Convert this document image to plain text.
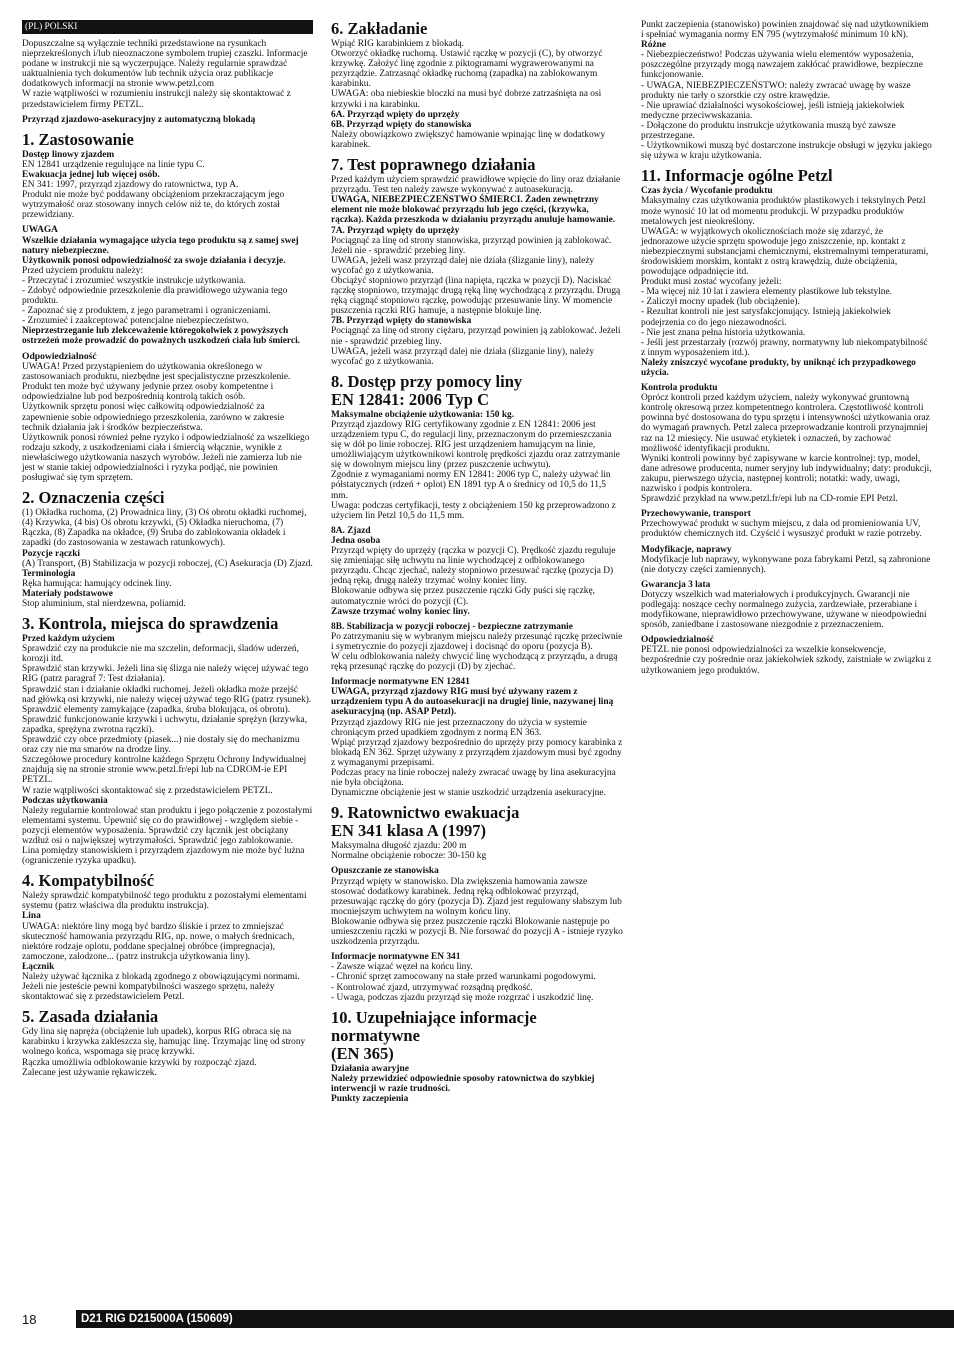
(PL) POLSKI

Dopuszczalne są wyłącznie techniki przedstawione na rysunkach nieprzekreślonych i/lub nieoznaczone symbolem trupiej czaszki. Informacje podane w instrukcji nie są wyczerpujące. Należy regularnie sprawdzać uaktualnienia tych dokumentów lub technik użycia oraz publikacje dodatkowych informacji na stronie www.petzl.com
W razie wątpliwości w rozumieniu instrukcji należy się skontaktować z przedstawicielem firmy PETZL.

Przyrząd zjazdowo-asekuracyjny z automatyczną blokadą

1. Zastosowanie

Dostęp linowy zjazdem

EN 12841 urządzenie regulujące na linie typu C.

Ewakuacja jednej lub więcej osób.

EN 341: 1997, przyrząd zjazdowy do ratownictwa, typ A.
Produkt nie może być poddawany obciążeniom przekraczającym jego wytrzymałość oraz stosowany innych celów niż te, do których został przewidziany.

UWAGA

Wszelkie działania wymagające użycia tego produktu są z samej swej natury niebezpieczne.
Użytkownik ponosi odpowiedzialność za swoje działania i decyzje.

Przed użyciem produktu należy:
- Przeczytać i zrozumieć wszystkie instrukcje użytkowania.
- Zdobyć odpowiednie przeszkolenie dla prawidłowego używania tego produktu.
- Zapoznać się z produktem, z jego parametrami i ograniczeniami.
- Zrozumieć i zaakceptować potencjalne niebezpieczeństwo.

Nieprzestrzeganie lub zlekceważenie któregokolwiek z powyższych ostrzeżeń może prowadzić do poważnych uszkodzeń ciała lub śmierci.

Odpowiedzialność

UWAGA! Przed przystąpieniem do użytkowania określonego w zastosowaniach produktu, niezbędne jest specjalistyczne przeszkolenie.
Produkt ten może być używany jedynie przez osoby kompetentne i odpowiedzialne lub pod bezpośrednią kontrolą takich osób.
Użytkownik sprzętu ponosi więc całkowitą odpowiedzialność za zapewnienie sobie odpowiedniego przeszkolenia, zarówno w zakresie technik działania jak i środków bezpieczeństwa.
Użytkownik ponosi również pełne ryzyko i odpowiedzialność za wszelkiego rodzaju szkody, z uszkodzeniami ciała i śmiercią włącznie, wynikłe z niewłaściwego użytkowania naszych wyrobów. Jeżeli nie zamierza lub nie jest w stanie takiej odpowiedzialności i ryzyka podjąć, nie powinien posługiwać się tym sprzętem.

2. Oznaczenia części

(1) Okładka ruchoma, (2) Prowadnica liny, (3) Oś obrotu okładki ruchomej, (4) Krzywka, (4 bis) Oś obrotu krzywki, (5) Okładka nieruchoma, (7) Rączka, (8) Zapadka na okładce, (9) Śruba do zablokowania okładek i zapadki (do zastosowania w zestawach ratunkowych).

Pozycje rączki

(A) Transport, (B) Stabilizacja w pozycji roboczej, (C) Asekuracja (D) Zjazd.

Terminologia

Ręka hamująca: hamujący odcinek liny.

Materiały podstawowe

Stop aluminium, stal nierdzewna, poliamid.

3. Kontrola, miejsca do sprawdzenia

Przed każdym użyciem

Sprawdzić czy na produkcie nie ma szczelin, deformacji, śladów uderzeń, korozji itd.
Sprawdzić stan krzywki. Jeżeli lina się ślizga nie należy więcej używać tego RIG (patrz paragraf 7: Test działania).
Sprawdzić stan i działanie okładki ruchomej. Jeżeli okładka może przejść nad główką osi krzywki, nie należy więcej używać tego RIG (patrz rysunek).
Sprawdzić elementy zamykające (zapadka, śruba blokująca, oś obrotu).
Sprawdzić funkcjonowanie krzywki i uchwytu, działanie sprężyn (krzywka, zapadka, sprężyna zwrotna rączki).
Sprawdzić czy obce przedmioty (piasek...) nie dostały się do mechanizmu oraz czy nie ma smarów na drodze liny.
Szczegółowe procedury kontrolne każdego Sprzętu Ochrony Indywidualnej znajdują się na stronie stronie www.petzl.fr/epi lub na CDROM-ie EPI PETZL.
W razie wątpliwości skontaktować się z przedstawicielem PETZL.

Podczas użytkowania

Należy regularnie kontrolować stan produktu i jego połączenie z pozostałymi elementami systemu. Upewnić się co do prawidłowej - względem siebie - pozycji elementów wyposażenia. Sprawdzić czy łącznik jest obciążany wzdłuż osi o największej wytrzymałości. Sprawdzić jego zablokowanie.
Lina pomiędzy stanowiskiem i przyrządem zjazdowym nie może być luźna (ograniczenie ryzyka upadku).

4. Kompatybilność

Należy sprawdzić kompatybilność tego produktu z pozostałymi elementami systemu (patrz właściwa dla produktu instrukcja).

Lina

UWAGA: niektóre liny mogą być bardzo śliskie i przez to zmniejszać skuteczność hamowania przyrządu RIG, np. nowe, o małych średnicach, niektóre rodzaje oplotu, poddane specjalnej obróbce (impregnacja), zamoczone, zalodzone... (patrz instrukcja użytkowania liny).

Łącznik

Należy używać łącznika z blokadą zgodnego z obowiązującymi normami.
Jeżeli nie jesteście pewni kompatybilności waszego sprzętu, należy skontaktować się z przedstawicielem Petzl.

5. Zasada działania

Gdy lina się napręża (obciążenie lub upadek), korpus RIG obraca się na karabinku i krzywka zakleszcza się, hamując linę. Trzymając linę od strony wolnego końca, wspomaga się pracę krzywki.
Rączka umożliwia odblokowanie krzywki by rozpocząć zjazd.
Zalecane jest używanie rękawiczek.

6. Zakładanie

Wpiąć RIG karabinkiem z blokadą.
Otworzyć okładkę ruchomą. Ustawić rączkę w pozycji (C), by otworzyć krzywkę. Założyć linę zgodnie z piktogramami wygrawerowanymi na przyrządzie. Zatrzasnąć okładkę ruchomą (zapadka) na zablokowanym karabinku.
UWAGA: oba niebieskie bloczki na musi być dobrze zatrzaśnięta na osi krzywki i na karabinku.

6A. Przyrząd wpięty do uprzęży

6B. Przyrząd wpięty do stanowiska

Należy obowiązkowo zwiększyć hamowanie wpinając linę w dodatkowy karabinek.

7. Test poprawnego działania

Przed każdym użyciem sprawdzić prawidłowe wpięcie do liny oraz działanie przyrządu. Test ten należy zawsze wykonywać z autoasekuracją.

UWAGA, NIEBEZPIECZEŃSTWO ŚMIERCI. Żaden zewnętrzny element nie może blokować przyrządu lub jego części, (krzywka, rączka). Każda przeszkoda w działaniu przyrządu anuluje hamowanie.

7A. Przyrząd wpięty do uprzęży

Pociągnąć za linę od strony stanowiska, przyrząd powinien ją zablokować. Jeżeli nie - sprawdzić przebieg liny.
UWAGA, jeżeli wasz przyrząd dalej nie działa (ślizganie liny), należy wycofać go z użytkowania.
Obciążyć stopniowo przyrząd (lina napięta, rączka w pozycji D). Naciskać rączkę stopniowo, trzymając drugą ręką linę wychodzącą z przyrządu. Drugą ręką ciągnąć stopniowo rączkę, powodując przesuwanie liny. W momencie puszczenia rączki RIG hamuje, a następnie blokuje linę.

7B. Przyrząd wpięty do stanowiska

Pociągnąć za linę od strony ciężaru, przyrząd powinien ją zablokować. Jeżeli nie - sprawdzić przebieg liny.
UWAGA, jeżeli wasz przyrząd dalej nie działa (ślizganie liny), należy wycofać go z użytkowania.

8. Dostęp przy pomocy liny
EN 12841: 2006 Typ C

Maksymalne obciążenie użytkowania: 150 kg.

Przyrząd zjazdowy RIG certyfikowany zgodnie z EN 12841: 2006 jest urządzeniem typu C, do regulacji liny, przeznaczonym do przemieszczania się w dół po linie roboczej. RIG jest urządzeniem hamującym na linie, umożliwiającym użytkownikowi kontrolę prędkości zjazdu oraz zatrzymanie się w dowolnym miejscu liny (przez puszczenie uchwytu).
Zgodnie z wymaganiami normy EN 12841: 2006 typ C, należy używać lin półstatycznych (rdzeń + oplot) EN 1891 typ A o średnicy od 10,5 do 11,5 mm.
Uwaga: podczas certyfikacji, testy z obciążeniem 150 kg przeprowadzono z użyciem lin Petzl 10,5 do 11,5 mm.

8A. Zjazd

Jedna osoba

Przyrząd wpięty do uprzęży (rączka w pozycji C). Prędkość zjazdu reguluje się zmieniając siłę uchwytu na linie wychodzącej z odblokowanego przyrządu. Chcąc zjechać, należy stopniowo przesuwać rączkę (pozycja D) jedną ręką, drugą należy trzymać wolny koniec liny.
Blokowanie odbywa się przez puszczenie rączki Gdy puści się rączkę, automatycznie wróci do pozycji (C).

Zawsze trzymać wolny koniec liny.

8B. Stabilizacja w pozycji roboczej - bezpieczne zatrzymanie

Po zatrzymaniu się w wybranym miejscu należy przesunąć rączkę przeciwnie i symetrycznie do pozycji zjazdowej i docisnąć do oporu (pozycja B).
W celu odblokowania należy chwycić linę wychodzącą z przyrządu, a drugą ręką przesunąć rączkę do pozycji (D) by zjechać.

Informacje normatywne EN 12841

UWAGA, przyrząd zjazdowy RIG musi być używany razem z urządzeniem typu A do autoasekuracji na drugiej linie, nazywanej liną asekuracyjną (np. ASAP Petzl).

Przyrząd zjazdowy RIG nie jest przeznaczony do użycia w systemie chroniącym przed upadkiem zgodnym z normą EN 363.
Wpiąć przyrząd zjazdowy bezpośrednio do uprzęży przy pomocy karabinka z blokadą EN 362. Sprzęt używany z przyrządem zjazdowym musi być zgodny z wymaganymi przepisami.
Podczas pracy na linie roboczej należy zwracać uwagę by lina asekuracyjna nie była obciążona.
Dynamiczne obciążenie jest w stanie uszkodzić urządzenia asekuracyjne.

9. Ratownictwo ewakuacja
EN 341 klasa A (1997)

Maksymalna długość zjazdu: 200 m
Normalne obciążenie robocze: 30-150 kg

Opuszczanie ze stanowiska

Przyrząd wpięty w stanowisko. Dla zwiększenia hamowania zawsze stosować dodatkowy karabinek. Jedną ręką odblokować przyrząd, przesuwając rączkę do góry (pozycja D). Zjazd jest regulowany słabszym lub mocniejszym uchwytem na wolnym końcu liny.
Blokowanie odbywa się przez puszczenie rączki Blokowanie następuje po umieszczeniu rączki w pozycji B. Nie forsować do pozycji A - istnieje ryzyko uszkodzenia przyrządu.

Informacje normatywne EN 341

- Zawsze wiązać węzeł na końcu liny.
- Chronić sprzęt zamocowany na stałe przed warunkami pogodowymi.
- Kontrolować zjazd, utrzymywać rozsądną prędkość.
- Uwaga, podczas zjazdu przyrząd się może rozgrzać i uszkodzić linę.

10. Uzupełniające informacje normatywne
(EN 365)

Działania awaryjne

Należy przewidzieć odpowiednie sposoby ratownictwa do szybkiej interwencji w razie trudności.

Punkty zaczepienia

Punkt zaczepienia (stanowisko) powinien znajdować się nad użytkownikiem i spełniać wymagania normy EN 795 (wytrzymałość minimum 10 kN).

Różne

- Niebezpieczeństwo! Podczas używania wielu elementów wyposażenia, poszczególne przyrządy mogą nawzajem zakłócać prawidłowe, bezpieczne funkcjonowanie.
- UWAGA, NIEBEZPIECZEŃSTWO: należy zwracać uwagę by wasze produkty nie tarły o szorstkie czy ostre krawędzie.
- Nie uprawiać działalności wysokościowej, jeśli istnieją jakiekolwiek medyczne przeciwwskazania.
- Dołączone do produktu instrukcje użytkowania muszą być zawsze przestrzegane.
- Użytkownikowi muszą być dostarczone instrukcje obsługi w języku jakiego się używa w kraju użytkowania.

11. Informacje ogólne Petzl

Czas życia / Wycofanie produktu

Maksymalny czas użytkowania produktów plastikowych i tekstylnych Petzl może wynosić 10 lat od momentu produkcji. W przypadku produktów metalowych jest nieokreślony.
UWAGA: w wyjątkowych okolicznościach może się zdarzyć, że jednorazowe użycie sprzętu spowoduje jego zniszczenie, np. kontakt z niebezpiecznymi substancjami chemicznymi, ekstremalnymi temperaturami, środowiskiem morskim, kontakt z ostrą krawędzią, duże obciążenia, powodujące odpadnięcie itd.
Produkt musi zostać wycofany jeżeli:
- Ma więcej niż 10 lat i zawiera elementy plastikowe lub tekstylne.
- Zaliczył mocny upadek (lub obciążenie).
- Rezultat kontroli nie jest satysfakcjonujący. Istnieją jakiekolwiek podejrzenia co do jego niezawodności.
- Nie jest znana pełna historia użytkowania.
- Jeśli jest przestarzały (rozwój prawny, normatywny lub niekompatybilność z innym wyposażeniem itd.).

Należy zniszczyć wycofane produkty, by uniknąć ich przypadkowego użycia.

Kontrola produktu

Oprócz kontroli przed każdym użyciem, należy wykonywać gruntowną kontrolę okresową przez kompetentnego kontrolera. Częstotliwość kontroli powinna być dostosowana do typu sprzętu i intensywności użytkowania oraz do wymagań prawnych. Petzl zaleca przeprowadzanie kontroli przynajmniej raz na 12 miesięcy. Nie usuwać etykietek i oznaczeń, by zachować możliwość identyfikacji produktu.
Wyniki kontroli powinny być zapisywane w karcie kontrolnej: typ, model, dane adresowe producenta, numer seryjny lub indywidualny; daty: produkcji, zakupu, pierwszego użycia, następnej kontroli; notatki: wady, uwagi, nazwisko i podpis kontrolera.
Sprawdzić przykład na www.petzl.fr/epi lub na CD-romie EPI Petzl.

Przechowywanie, transport

Przechowywać produkt w suchym miejscu, z dala od promieniowania UV, produktów chemicznych itd. Czyścić i wysuszyć produkt w razie potrzeby.

Modyfikacje, naprawy

Modyfikacje lub naprawy, wykonywane poza fabrykami Petzl, są zabronione (nie dotyczy części zamiennych).

Gwarancja 3 lata

Dotyczy wszelkich wad materiałowych i produkcyjnych. Gwarancji nie podlegają: noszące cechy normalnego zużycia, zardzewiałe, przerabiane i modyfikowane, nieprawidłowo przechowywane, używane w nieodpowiedni sposób, zaniedbane i zastosowane niezgodnie z przeznaczeniem.

Odpowiedzialność

PETZL nie ponosi odpowiedzialności za wszelkie konsekwencje, bezpośrednie czy pośrednie oraz jakiekolwiek szkody, zaistniałe w związku z użytkowaniem jego produktów.

18	D21 RIG D215000A (150609)
